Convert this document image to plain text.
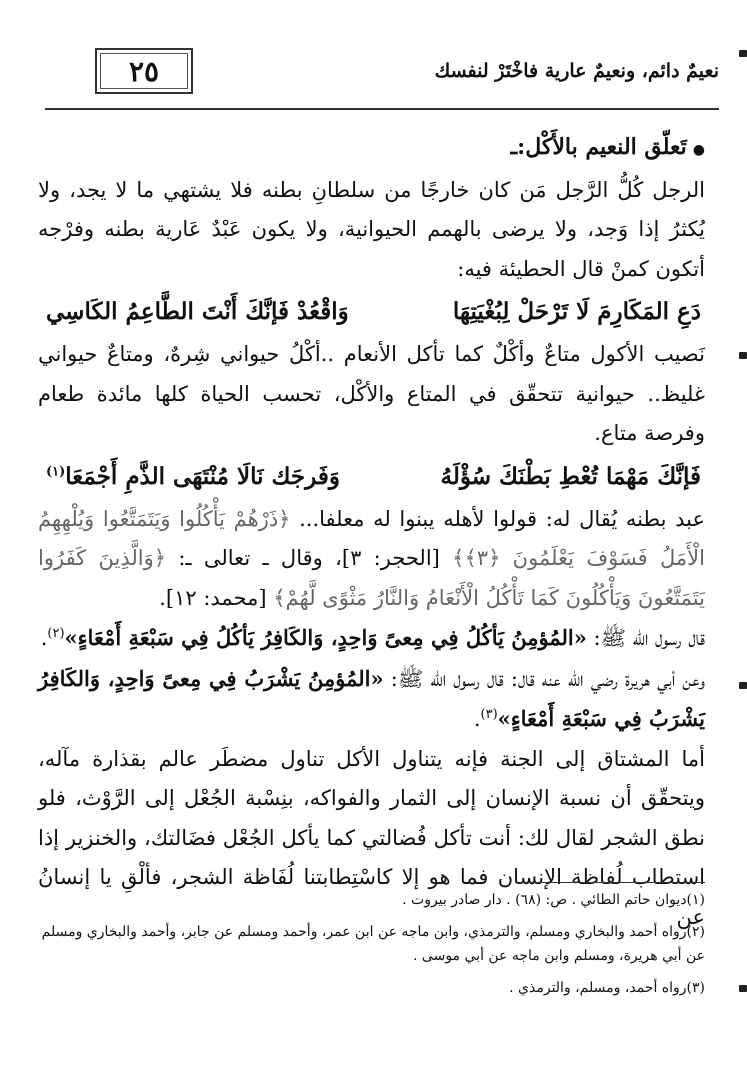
٢٥	نعيمٌ دائم، ونعيمٌ عارية فاخْتَرْ لنفسك

●تَعلّق النعيم بالأَكْل:ـ

الرجل كُلُّ الرَّجل مَن كان خارجًا من سلطانِ بطنه فلا يشتهي ما لا يجد، ولا يُكثرُ إذا وَجد، ولا يرضى بالهمم الحيوانية، ولا يكون عَبْدٌ عَارية بطنه وفرْجه أتكون كمنْ قال الحطيئة فيه:

دَعِ المَكَارِمَ لَا تَرْحَلْ لِبُغْيَتِهَا
وَاقْعُدْ فَإنَّكَ أَنْتَ الطَّاعِمُ الكَاسِي

نَصيب الأكول متاعٌ وأكْلٌ كما تأكل الأنعام ..أكْلُ حيواني شِرهٌ، ومتاعٌ حيواني غليظ.. حيوانية تتحقّق في المتاع والأكْل، تحسب الحياة كلها مائدة طعام وفرصة متاع.

فَإنَّكَ مَهْمَا تُعْطِ بَطْنَكَ سُؤْلَهُ
وَفَرجَك نَالَا مُنْتَهَى الذَّمِ أَجْمَعَا$^{(١)}$

عبد بطنه يُقال له: قولوا لأهله يبنوا له معلفا... ﴿ذَرْهُمْ يَأْكُلُوا وَيَتَمَتَّعُوا وَيُلْهِهِمُ الْأَمَلُ فَسَوْفَ يَعْلَمُونَ ﴿٣﴾﴾ [الحجر: ٣]، وقال ـ تعالى ـ: ﴿وَالَّذِينَ كَفَرُوا يَتَمَتَّعُونَ وَيَأْكُلُونَ كَمَا تَأْكُلُ الْأَنْعَامُ وَالنَّارُ مَثْوًى لَّهُمْ﴾ [محمد: ١٢].

قال رسول اللّه ﷺ: «المُؤمِنُ يَأكُلُ فِي مِعىً وَاحِدٍ، وَالكَافِرُ يَأكُلُ فِي سَبْعَةِ أَمْعَاءٍ»$^{(٢)}$.

وعن أبي هريرة رضي الله عنه قال: قال رسول اللّه ﷺ: «المُؤمِنُ يَشْرَبُ فِي مِعىً وَاحِدٍ، وَالكَافِرُ يَشْرَبُ فِي سَبْعَةِ أَمْعَاءٍ»$^{(٣)}$.

أما المشتاق إلى الجنة فإنه يتناول الأكل تناول مضطَر عالم بقذارة مآله، ويتحقّق أن نسبة الإنسان إلى الثمار والفواكه، بنِسْبة الجُعْل إلى الرَّوْث، فلو نطق الشجر لقال لك: أنت تأكل فُضالتي كما يأكل الجُعْل فضَالتك، والخنزير إذا استطاب لُفاظة الإنسان فما هو إلا كاسْتِطابتنا لُفَاظة الشجر، فألْقِ يا إنسانُ عن

(١)ديوان حاتم الطائي . ص: (٦٨) . دار صادر بيروت .

(٢)رواه أحمد والبخاري ومسلم، والترمذي، وابن ماجه عن ابن عمر، وأحمد ومسلم عن جابر، وأحمد والبخاري ومسلم عن أبي هريرة، ومسلم وابن ماجه عن أبي موسى .

(٣)رواه أحمد، ومسلم، والترمذي .
